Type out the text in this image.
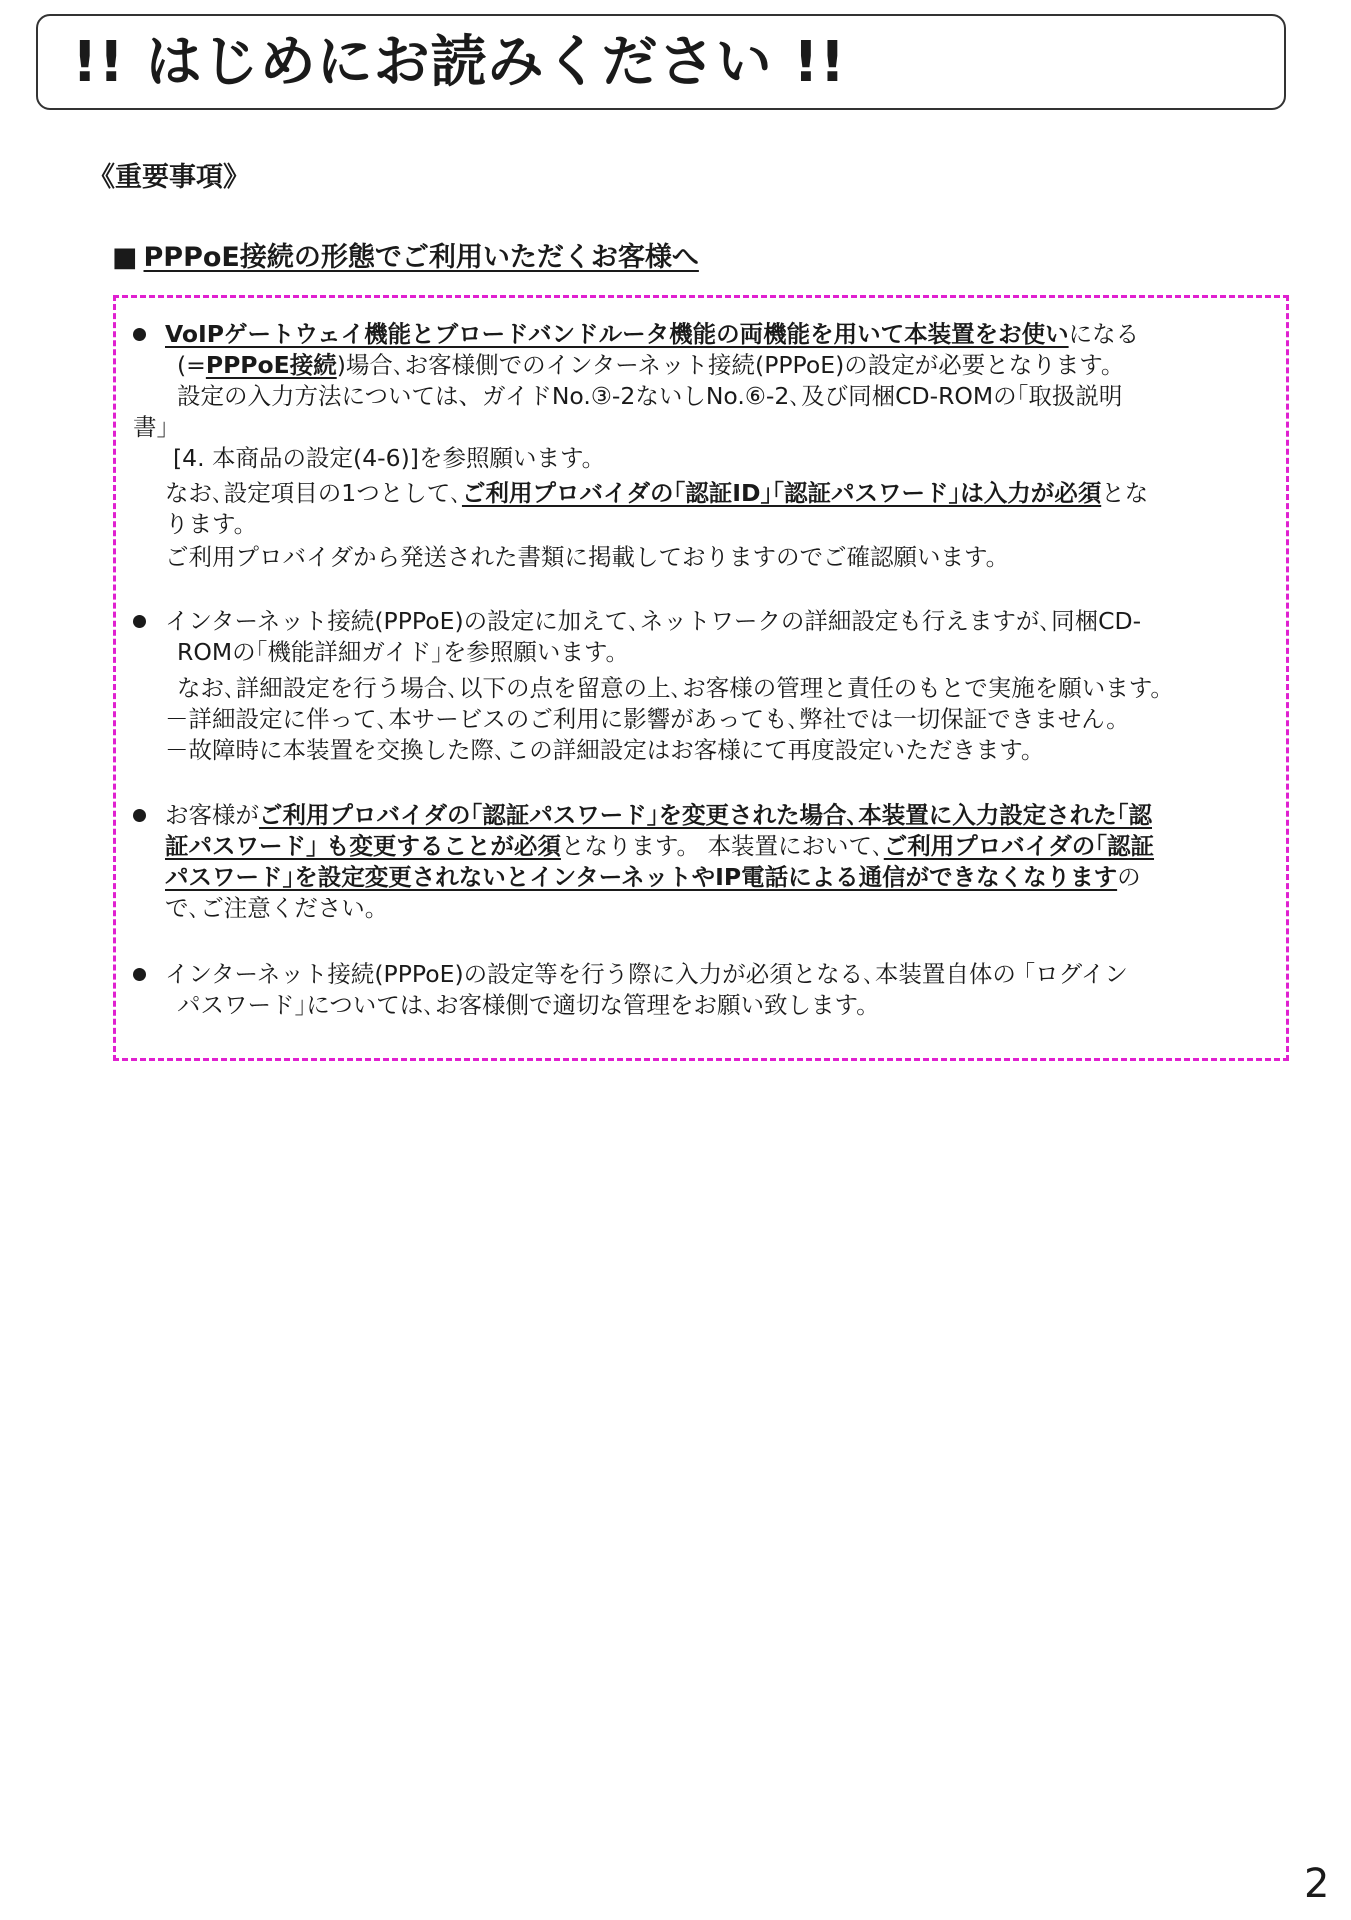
!! はじめにお読みください !!
《重要事項》
■ PPPoE接続の形態でご利用いただくお客様へ
VoIPゲートウェイ機能とブロードバンドルータ機能の両機能を用いて本装置をお使いになる
(=PPPoE接続)場合､お客様側でのインターネット接続(PPPoE)の設定が必要となります。
設定の入力方法については、ガイドNo.③-2ないしNo.⑥-2､及び同梱CD-ROMの｢取扱説明
書｣
[4. 本商品の設定(4-6)]を参照願います。
なお､設定項目の1つとして､ご利用プロバイダの｢認証ID｣｢認証パスワード｣は入力が必須とな
ります。
ご利用プロバイダから発送された書類に掲載しておりますのでご確認願います。
インターネット接続(PPPoE)の設定に加えて､ネットワークの詳細設定も行えますが､同梱CD-
ROMの｢機能詳細ガイド｣を参照願います。
なお､詳細設定を行う場合､以下の点を留意の上､お客様の管理と責任のもとで実施を願います。
－詳細設定に伴って､本サービスのご利用に影響があっても､弊社では一切保証できません。
－故障時に本装置を交換した際､この詳細設定はお客様にて再度設定いただきます。
お客様がご利用プロバイダの｢認証パスワード｣を変更された場合､本装置に入力設定された｢認
証パスワード｣ も変更することが必須となります。 本装置において､ご利用プロバイダの｢認証
パスワード｣を設定変更されないとインターネットやIP電話による通信ができなくなりますの
で､ご注意ください。
インターネット接続(PPPoE)の設定等を行う際に入力が必須となる､本装置自体の ｢ログイン
パスワード｣については､お客様側で適切な管理をお願い致します。
2
